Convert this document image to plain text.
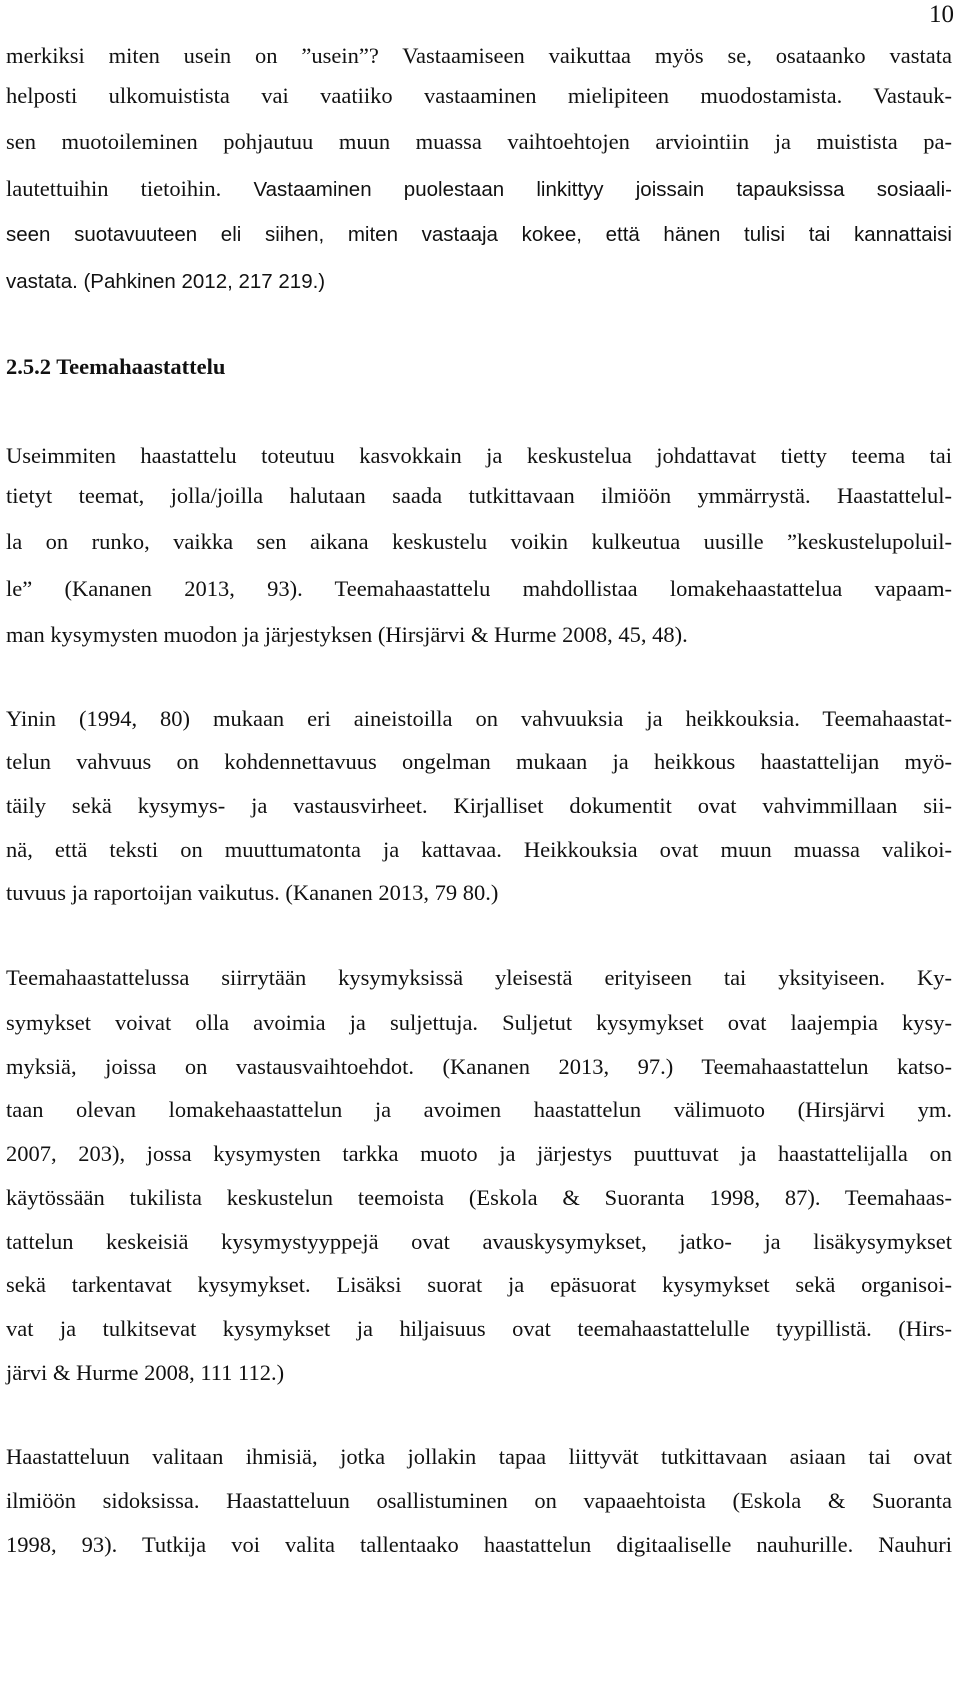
10
merkiksi miten usein on ”usein”? Vastaamiseen vaikuttaa myös se, osataanko vastata
helposti ulkomuistista vai vaatiiko vastaaminen mielipiteen muodostamista. Vastauk-
sen muotoileminen pohjautuu muun muassa vaihtoehtojen arviointiin ja muistista pa-
lautettuihin tietoihin. Vastaaminen puolestaan linkittyy joissain tapauksissa sosiaali-
seen suotavuuteen eli siihen, miten vastaaja kokee, että hänen tulisi tai kannattaisi
vastata. (Pahkinen 2012, 217 219.)
2.5.2 Teemahaastattelu
Useimmiten haastattelu toteutuu kasvokkain ja keskustelua johdattavat tietty teema tai
tietyt teemat, jolla/joilla halutaan saada tutkittavaan ilmiöön ymmärrystä. Haastattelul-
la on runko, vaikka sen aikana keskustelu voikin kulkeutua uusille ”keskustelupoluil-
le” (Kananen 2013, 93). Teemahaastattelu mahdollistaa lomakehaastattelua vapaam-
man kysymysten muodon ja järjestyksen (Hirsjärvi & Hurme 2008, 45, 48).
Yinin (1994, 80) mukaan eri aineistoilla on vahvuuksia ja heikkouksia. Teemahaastat-
telun vahvuus on kohdennettavuus ongelman mukaan ja heikkous haastattelijan myö-
täily sekä kysymys- ja vastausvirheet. Kirjalliset dokumentit ovat vahvimmillaan sii-
nä, että teksti on muuttumatonta ja kattavaa. Heikkouksia ovat muun muassa valikoi-
tuvuus ja raportoijan vaikutus. (Kananen 2013, 79 80.)
Teemahaastattelussa siirrytään kysymyksissä yleisestä erityiseen tai yksityiseen. Ky-
symykset voivat olla avoimia ja suljettuja. Suljetut kysymykset ovat laajempia kysy-
myksiä, joissa on vastausvaihtoehdot. (Kananen 2013, 97.) Teemahaastattelun katso-
taan olevan lomakehaastattelun ja avoimen haastattelun välimuoto (Hirsjärvi ym.
2007, 203), jossa kysymysten tarkka muoto ja järjestys puuttuvat ja haastattelijalla on
käytössään tukilista keskustelun teemoista (Eskola & Suoranta 1998, 87). Teemahaas-
tattelun keskeisiä kysymystyyppejä ovat avauskysymykset, jatko- ja lisäkysymykset
sekä tarkentavat kysymykset. Lisäksi suorat ja epäsuorat kysymykset sekä organisoi-
vat ja tulkitsevat kysymykset ja hiljaisuus ovat teemahaastattelulle tyypillistä. (Hirs-
järvi & Hurme 2008, 111 112.)
Haastatteluun valitaan ihmisiä, jotka jollakin tapaa liittyvät tutkittavaan asiaan tai ovat
ilmiöön sidoksissa. Haastatteluun osallistuminen on vapaaehtoista (Eskola & Suoranta
1998, 93). Tutkija voi valita tallentaako haastattelun digitaaliselle nauhurille. Nauhuri
